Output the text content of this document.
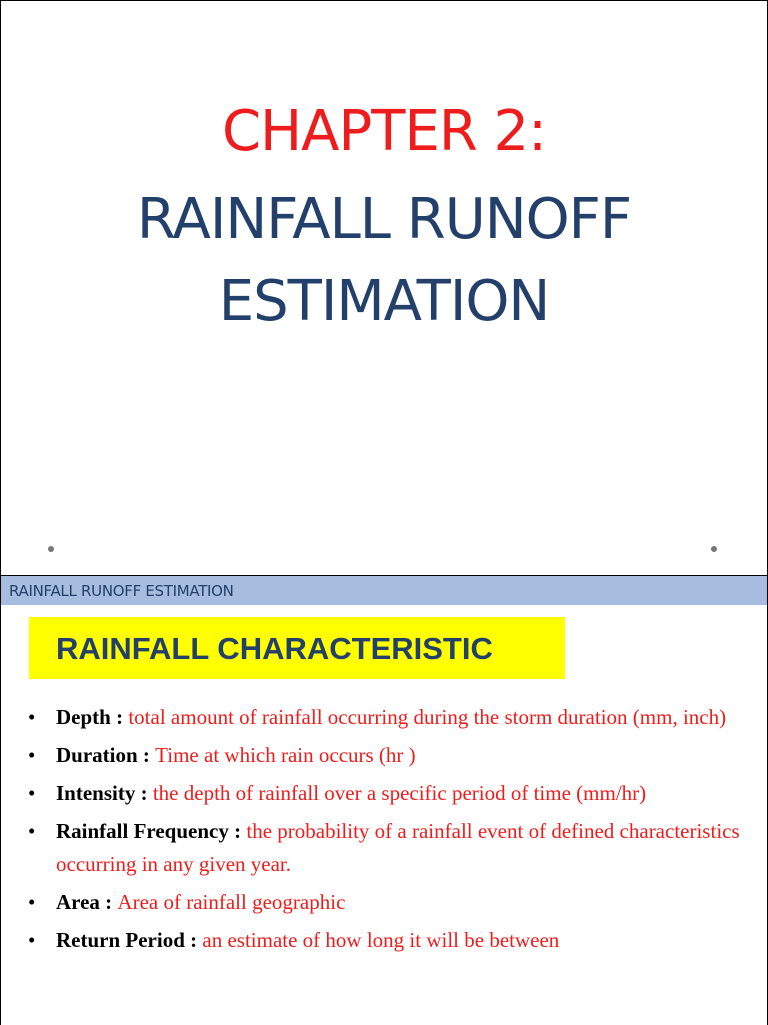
CHAPTER 2:
RAINFALL RUNOFF
ESTIMATION
RAINFALL RUNOFF ESTIMATION
RAINFALL CHARACTERISTIC
• Depth : total amount of rainfall occurring during the storm duration (mm, inch)
• Duration : Time at which rain occurs (hr )
• Intensity : the depth of rainfall over a specific period of time (mm/hr)
• Rainfall Frequency : the probability of a rainfall event of defined characteristics occurring in any given year.
• Area : Area of rainfall geographic
• Return Period : an estimate of how long it will be between
